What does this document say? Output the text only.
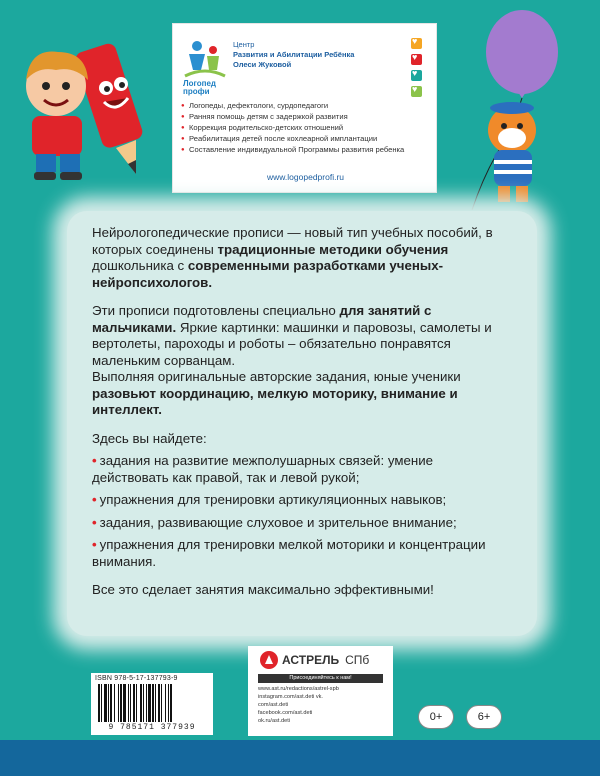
Логопед
профи
Центр
Развития и Абилитации Ребёнка
Олеси Жуковой
♥
♥
♥
♥
● Логопеды, дефектологи, сурдопедагоги
● Ранняя помощь детям с задержкой развития
● Коррекция родительско-детских отношений
● Реабилитация детей после кохлеарной имплантации
● Составление индивидуальной Программы развития ребенка
www.logopedprofi.ru

Нейрологопедические прописи — новый тип учебных пособий, в которых соединены традиционные методики обучения дошкольника с современными разработками ученых-нейропсихологов.

Эти прописи подготовлены специально для занятий с мальчиками. Яркие картинки: машинки и паровозы, самолеты и вертолеты, пароходы и роботы – обязательно понравятся маленьким сорванцам.

Выполняя оригинальные авторские задания, юные ученики разовьют координацию, мелкую моторику, внимание и интеллект.

Здесь вы найдете:

• задания на развитие межполушарных связей: умение действовать как правой, так и левой рукой;
• упражнения для тренировки артикуляционных навыков;
• задания, развивающие слуховое и зрительное внимание;
• упражнения для тренировки мелкой моторики и концентрации внимания.

Все это сделает занятия максимально эффективными!

ISBN 978-5-17-137793-9
9 785171 377939
АСТРЕЛЬ СПб
Присоединяйтесь к нам!
www.ast.ru/redactions/astrel-spb
instagram.com/ast.deti vk.
com/ast.deti
facebook.com/ast.deti
ok.ru/ast.deti	0+	6+
